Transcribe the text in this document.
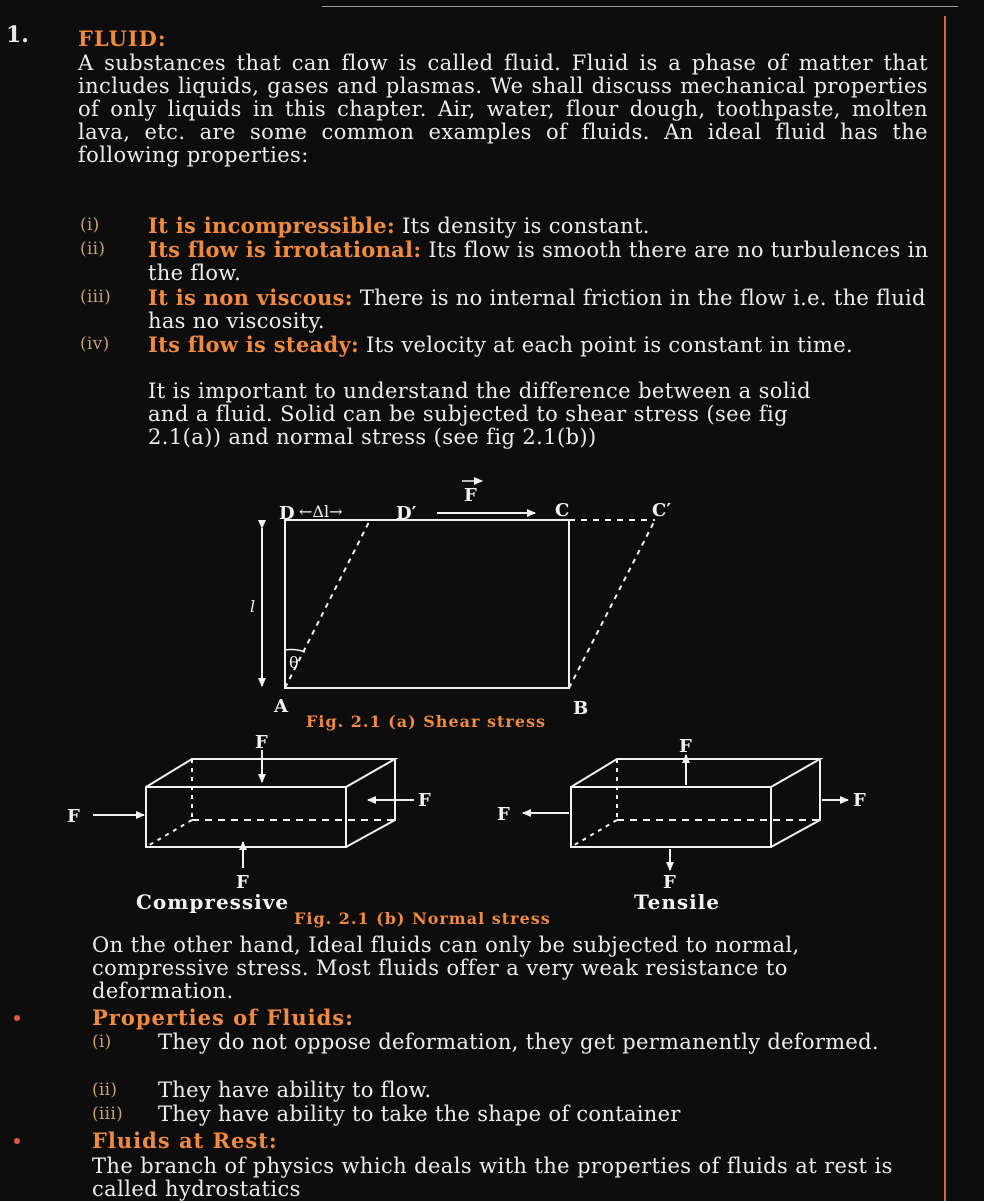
1. FLUID:
A substances that can flow is called fluid. Fluid is a phase of matter that includes liquids, gases and plasmas. We shall discuss mechanical properties of only liquids in this chapter. Air, water, flour dough, toothpaste, molten lava, etc. are some common examples of fluids. An ideal fluid has the following properties:
(i) It is incompressible: Its density is constant.
(ii) Its flow is irrotational: Its flow is smooth there are no turbulences in the flow.
(iii) It is non viscous: There is no internal friction in the flow i.e. the fluid has no viscosity.
(iv) Its flow is steady: Its velocity at each point is constant in time.
It is important to understand the difference between a solid and a fluid. Solid can be subjected to shear stress (see fig 2.1(a)) and normal stress (see fig 2.1(b))
D ←Δl→	D′
F
C	C′
A	B
l
θ
F
F
F
F
F
F
F
F
Fig. 2.1 (a) Shear stress
Compressive	Tensile
Fig. 2.1 (b) Normal stress
On the other hand, Ideal fluids can only be subjected to normal, compressive stress. Most fluids offer a very weak resistance to deformation.
Properties of Fluids:
(i) They do not oppose deformation, they get permanently deformed.
(ii) They have ability to flow.
(iii) They have ability to take the shape of container
Fluids at Rest:
The branch of physics which deals with the properties of fluids at rest is called hydrostatics
